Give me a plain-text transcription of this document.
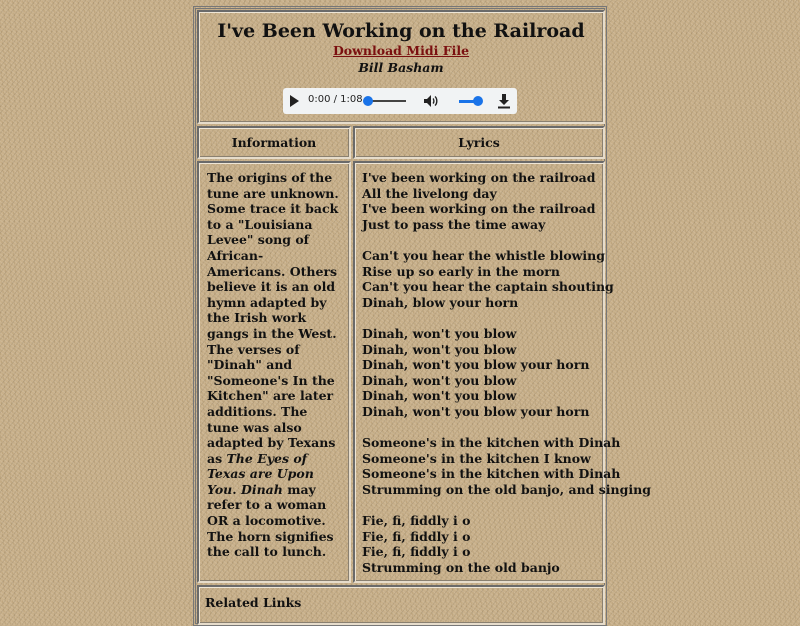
I've Been Working on the Railroad
Download Midi File
Bill Basham
0:00 / 1:08
Information	Lyrics
The origins of the tune are unknown. Some trace it back to a "Louisiana Levee" song of African-Americans. Others believe it is an old hymn adapted by the Irish work gangs in the West. The verses of "Dinah" and "Someone's In the Kitchen" are later additions. The tune was also adapted by Texans as The Eyes of Texas are Upon You. Dinah may refer to a woman OR a locomotive. The horn signifies the call to lunch.
I've been working on the railroad
All the livelong day
I've been working on the railroad
Just to pass the time away
Can't you hear the whistle blowing
Rise up so early in the morn
Can't you hear the captain shouting
Dinah, blow your horn
Dinah, won't you blow
Dinah, won't you blow
Dinah, won't you blow your horn
Dinah, won't you blow
Dinah, won't you blow
Dinah, won't you blow your horn
Someone's in the kitchen with Dinah
Someone's in the kitchen I know
Someone's in the kitchen with Dinah
Strumming on the old banjo, and singing
Fie, fi, fiddly i o
Fie, fi, fiddly i o
Fie, fi, fiddly i o
Strumming on the old banjo
Related Links
